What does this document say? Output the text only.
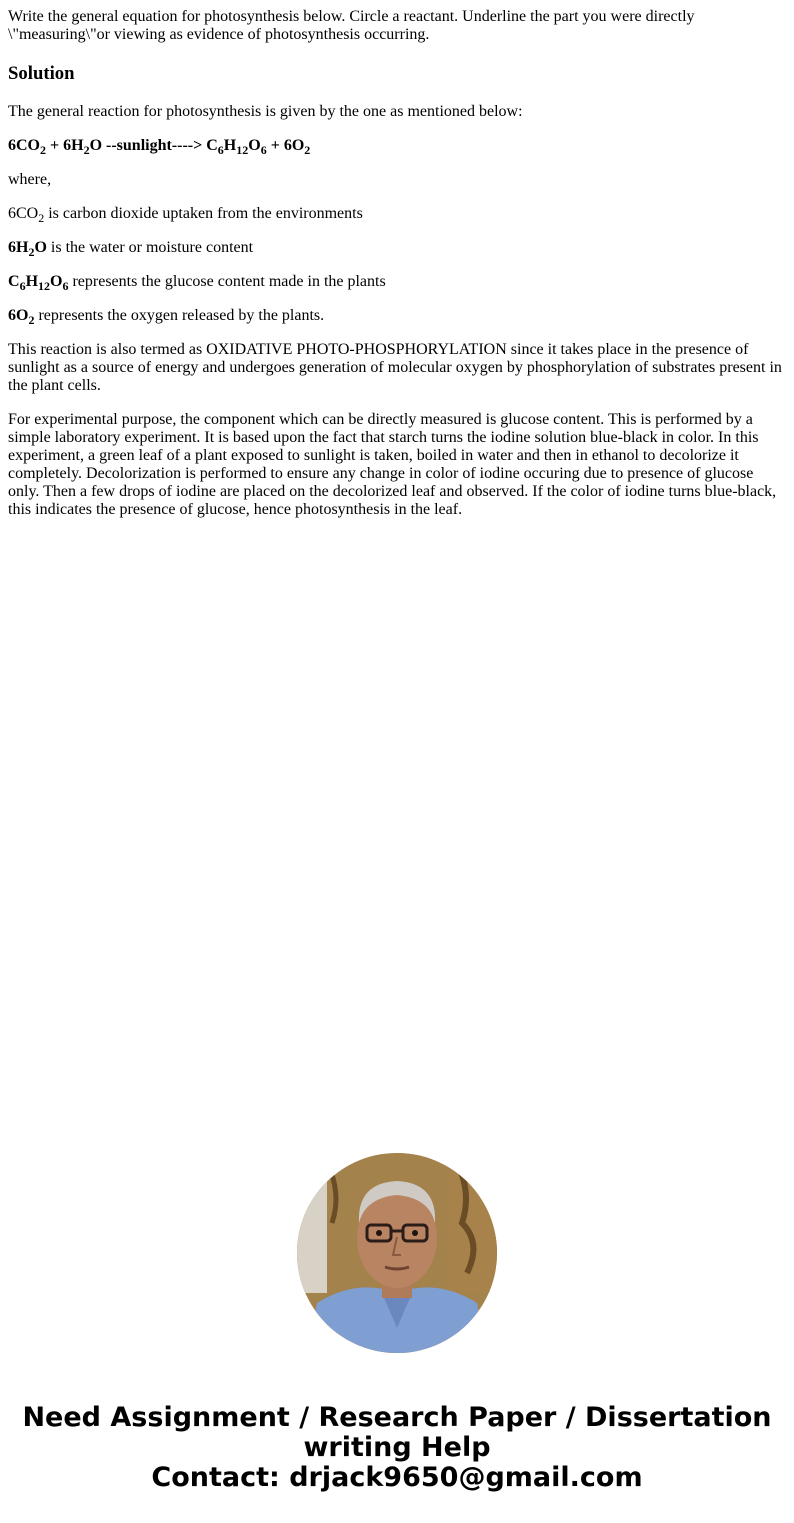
Write the general equation for photosynthesis below. Circle a reactant. Underline the part you were directly \"measuring\"or viewing as evidence of photosynthesis occurring.

Solution

The general reaction for photosynthesis is given by the one as mentioned below:

$6CO_2 + 6H_2O$ --sunlight----> $C_6H_{12}O_6 + 6O_2$

where,

$6CO_2$ is carbon dioxide uptaken from the environments

$6H_2O$ is the water or moisture content

$C_6H_{12}O_6$ represents the glucose content made in the plants

$6O_2$ represents the oxygen released by the plants.

This reaction is also termed as OXIDATIVE PHOTO-PHOSPHORYLATION since it takes place in the presence of sunlight as a source of energy and undergoes generation of molecular oxygen by phosphorylation of substrates present in the plant cells.

For experimental purpose, the component which can be directly measured is glucose content. This is performed by a simple laboratory experiment. It is based upon the fact that starch turns the iodine solution blue-black in color. In this experiment, a green leaf of a plant exposed to sunlight is taken, boiled in water and then in ethanol to decolorize it completely. Decolorization is performed to ensure any change in color of iodine occuring due to presence of glucose only. Then a few drops of iodine are placed on the decolorized leaf and observed. If the color of iodine turns blue-black, this indicates the presence of glucose, hence photosynthesis in the leaf.

Need Assignment / Research Paper / Dissertation
writing Help
Contact: drjack9650@gmail.com
